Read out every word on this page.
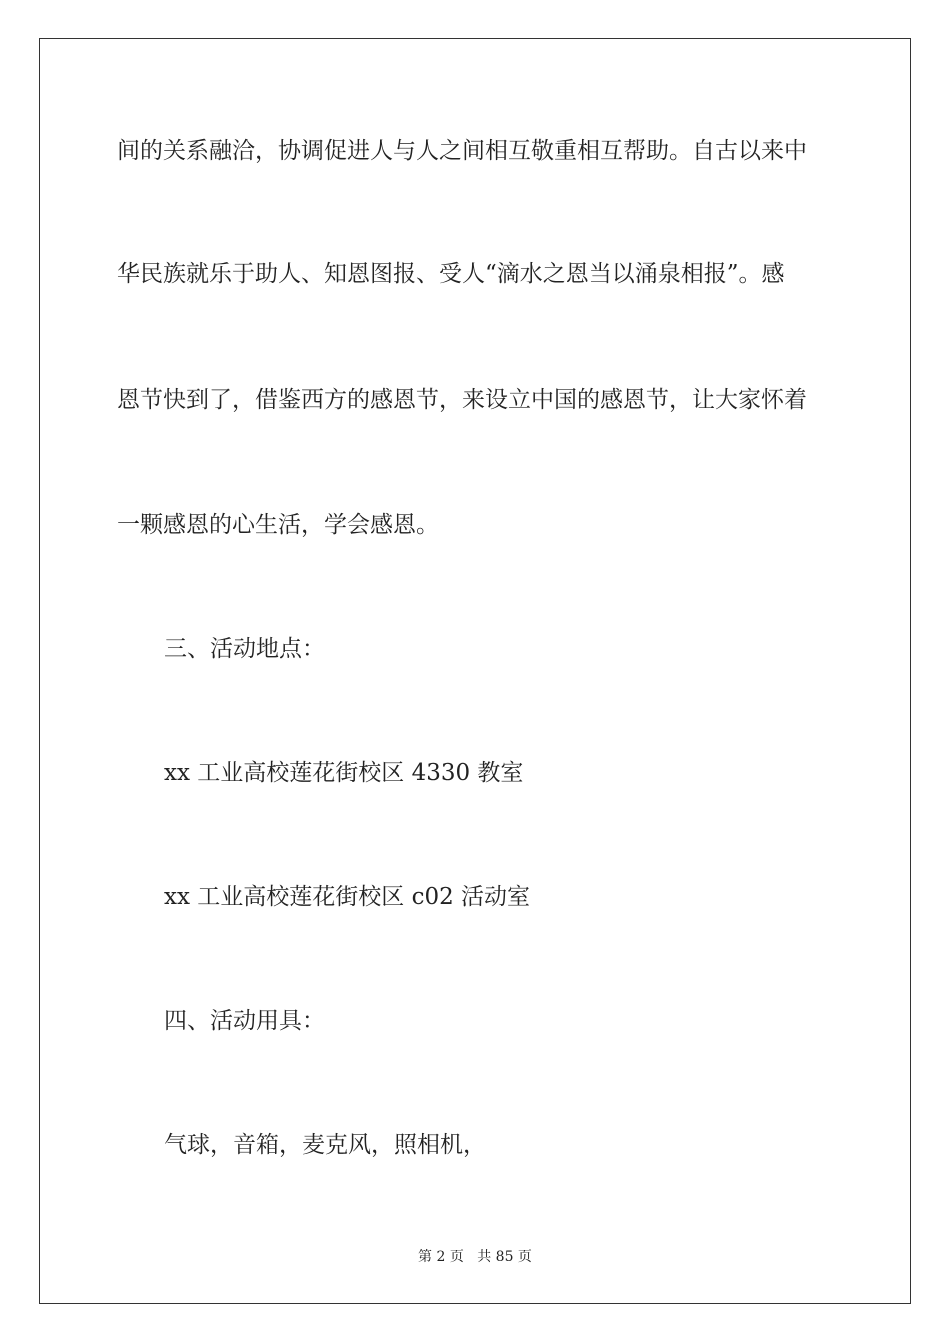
间的关系融洽，协调促进人与人之间相互敬重相互帮助。自古以来中
华民族就乐于助人、知恩图报、受人“滴水之恩当以涌泉相报”。感
恩节快到了，借鉴西方的感恩节，来设立中国的感恩节，让大家怀着
一颗感恩的心生活，学会感恩。
三、活动地点：
xx 工业高校莲花街校区 4330 教室
xx 工业高校莲花街校区 c02 活动室
四、活动用具：
气球，音箱，麦克风，照相机，
第 2 页 共 85 页
